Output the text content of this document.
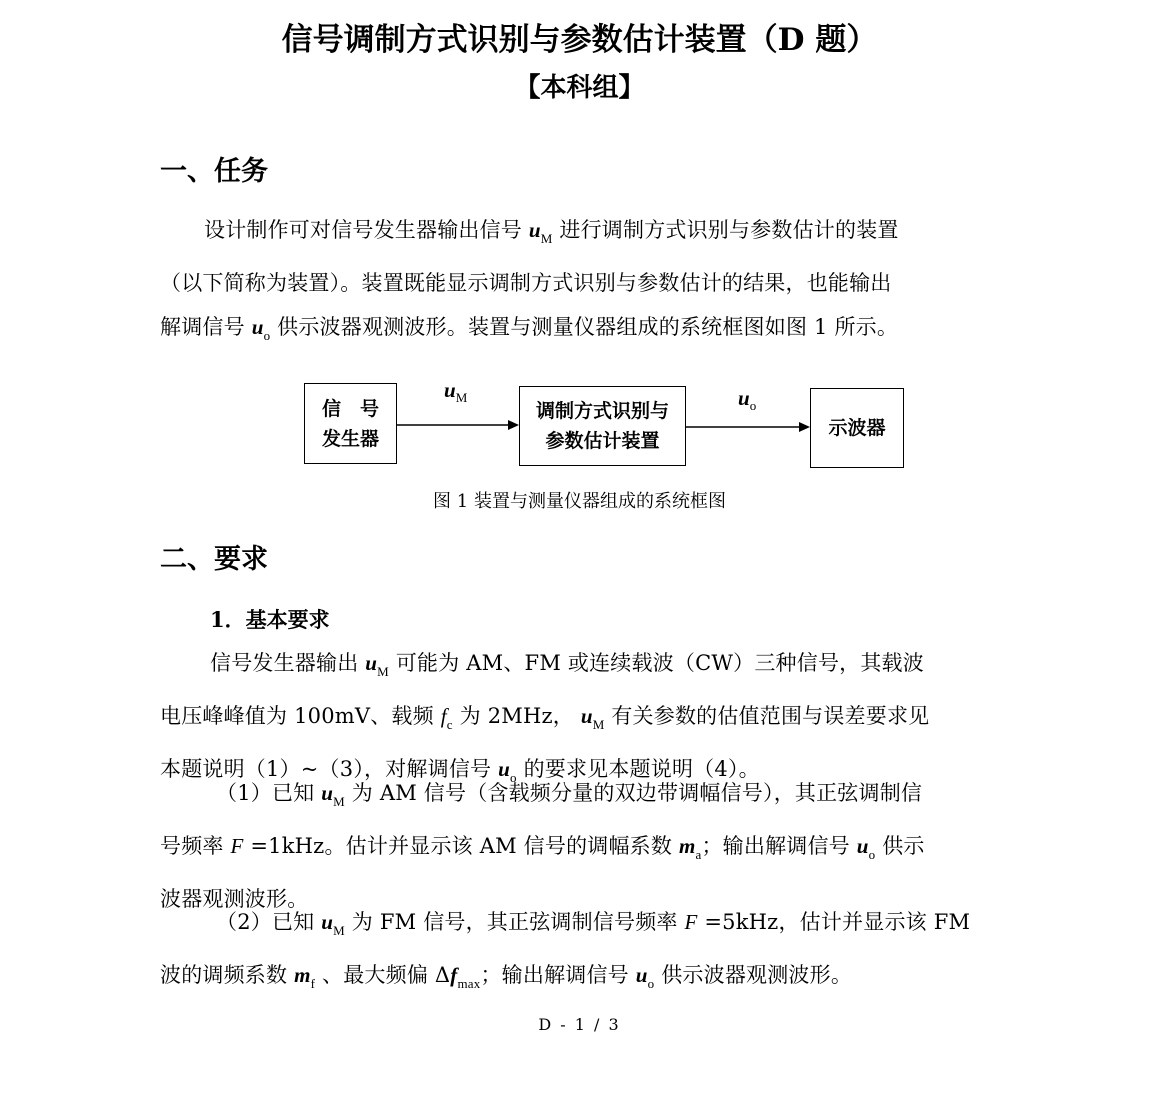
信号调制方式识别与参数估计装置（D 题）
【本科组】
一、任务
设计制作可对信号发生器输出信号 $u_M$ 进行调制方式识别与参数估计的装置
（以下简称为装置）。装置既能显示调制方式识别与参数估计的结果，也能输出
解调信号 $u_o$ 供示波器观测波形。装置与测量仪器组成的系统框图如图 1 所示。
信　号
发生器
调制方式识别与
参数估计装置
示波器
$u_M$	$u_o$
图 1 装置与测量仪器组成的系统框图
二、要求
1．基本要求
信号发生器输出 $u_M$ 可能为 AM、FM 或连续载波（CW）三种信号，其载波
电压峰峰值为 100mV、载频 $f_c$ 为 2MHz， $u_M$ 有关参数的估值范围与误差要求见
本题说明（1）~（3），对解调信号 $u_o$ 的要求见本题说明（4）。
（1）已知 $u_M$ 为 AM 信号（含载频分量的双边带调幅信号），其正弦调制信
号频率 F =1kHz。估计并显示该 AM 信号的调幅系数 $m_a$；输出解调信号 $u_o$ 供示
波器观测波形。
（2）已知 $u_M$ 为 FM 信号，其正弦调制信号频率 F =5kHz，估计并显示该 FM
波的调频系数 $m_f$ 、最大频偏 $\Delta f_{max}$；输出解调信号 $u_o$ 供示波器观测波形。
D - 1 / 3
